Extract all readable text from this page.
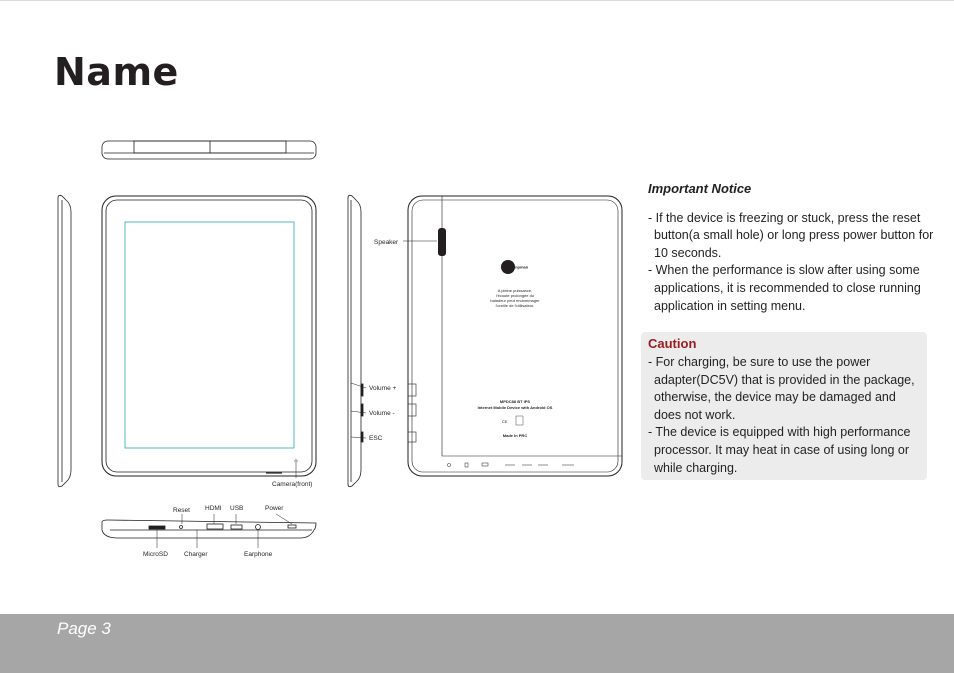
Name
Camera(front)
Volume +
Volume -
ESC
Speaker
mpman
A pleine puissance,
l'écoute prolongée du
baladeur peut endommager
l'oreille de l'utilisateur.
MPDC88 BT IPS
Internet Mobile Device with Android OS
CE
Made In PRC
Reset HDMI USB	Power
MicroSD Charger	Earphone
Important Notice
- If the device is freezing or stuck, press the reset button(a small hole) or long press power button for 10 seconds.
- When the performance is slow after using some applications, it is recommended to close running application in setting menu.
Caution
- For charging, be sure to use the power adapter(DC5V) that is provided in the package, otherwise, the device may be damaged and does not work.
- The device is equipped with high performance processor. It may heat in case of using long or while charging.
Page 3
